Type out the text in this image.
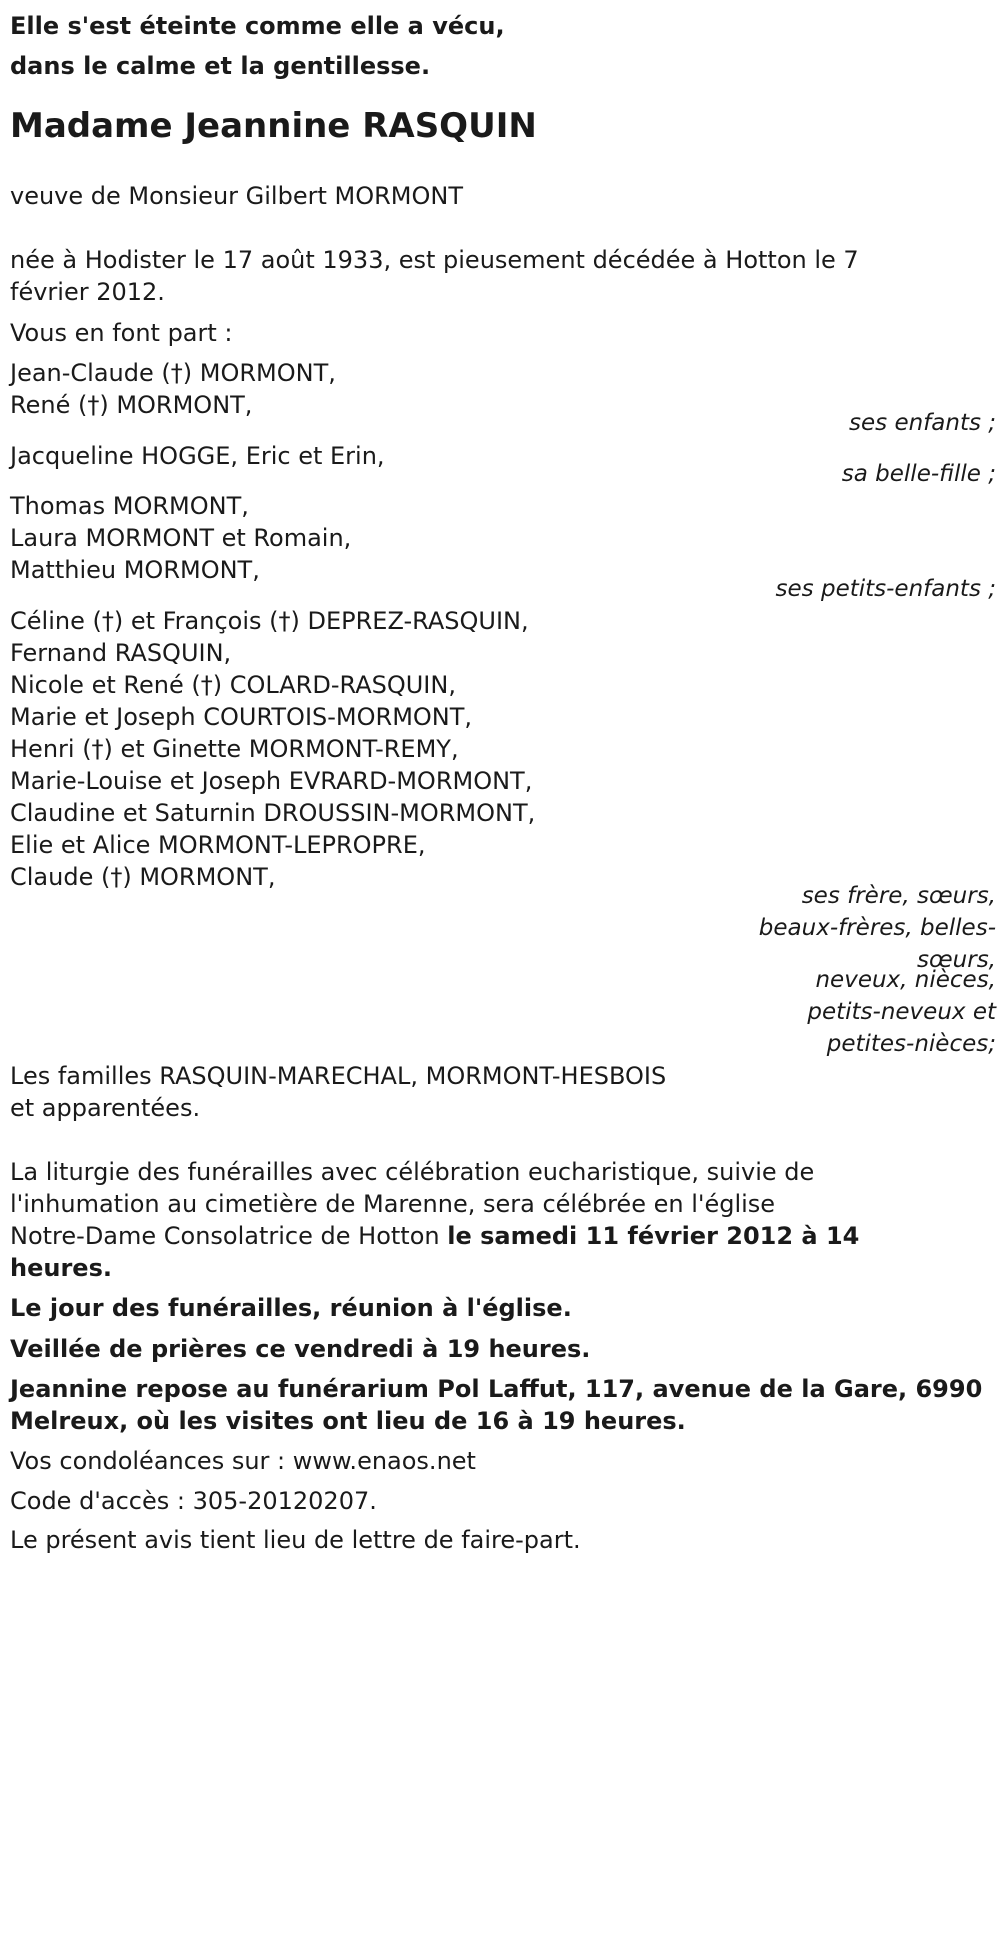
Elle s'est éteinte comme elle a vécu,
dans le calme et la gentillesse.
Madame Jeannine RASQUIN
veuve de Monsieur Gilbert MORMONT
née à Hodister le 17 août 1933, est pieusement décédée à Hotton le 7
février 2012.
Vous en font part :
Jean-Claude (†) MORMONT,
René (†) MORMONT,
ses enfants ;
Jacqueline HOGGE, Eric et Erin,
sa belle-fille ;
Thomas MORMONT,
Laura MORMONT et Romain,
Matthieu MORMONT,
ses petits-enfants ;
Céline (†) et François (†) DEPREZ-RASQUIN,
Fernand RASQUIN,
Nicole et René (†) COLARD-RASQUIN,
Marie et Joseph COURTOIS-MORMONT,
Henri (†) et Ginette MORMONT-REMY,
Marie-Louise et Joseph EVRARD-MORMONT,
Claudine et Saturnin DROUSSIN-MORMONT,
Elie et Alice MORMONT-LEPROPRE,
Claude (†) MORMONT,
ses frère, sœurs,
beaux-frères, belles-
sœurs,
neveux, nièces,
petits-neveux et
petites-nièces;
Les familles RASQUIN-MARECHAL, MORMONT-HESBOIS
et apparentées.
La liturgie des funérailles avec célébration eucharistique, suivie de
l'inhumation au cimetière de Marenne, sera célébrée en l'église
Notre-Dame Consolatrice de Hotton le samedi 11 février 2012 à 14
heures.
Le jour des funérailles, réunion à l'église.
Veillée de prières ce vendredi à 19 heures.
Jeannine repose au funérarium Pol Laffut, 117, avenue de la Gare, 6990
Melreux, où les visites ont lieu de 16 à 19 heures.
Vos condoléances sur : www.enaos.net
Code d'accès : 305-20120207.
Le présent avis tient lieu de lettre de faire-part.
